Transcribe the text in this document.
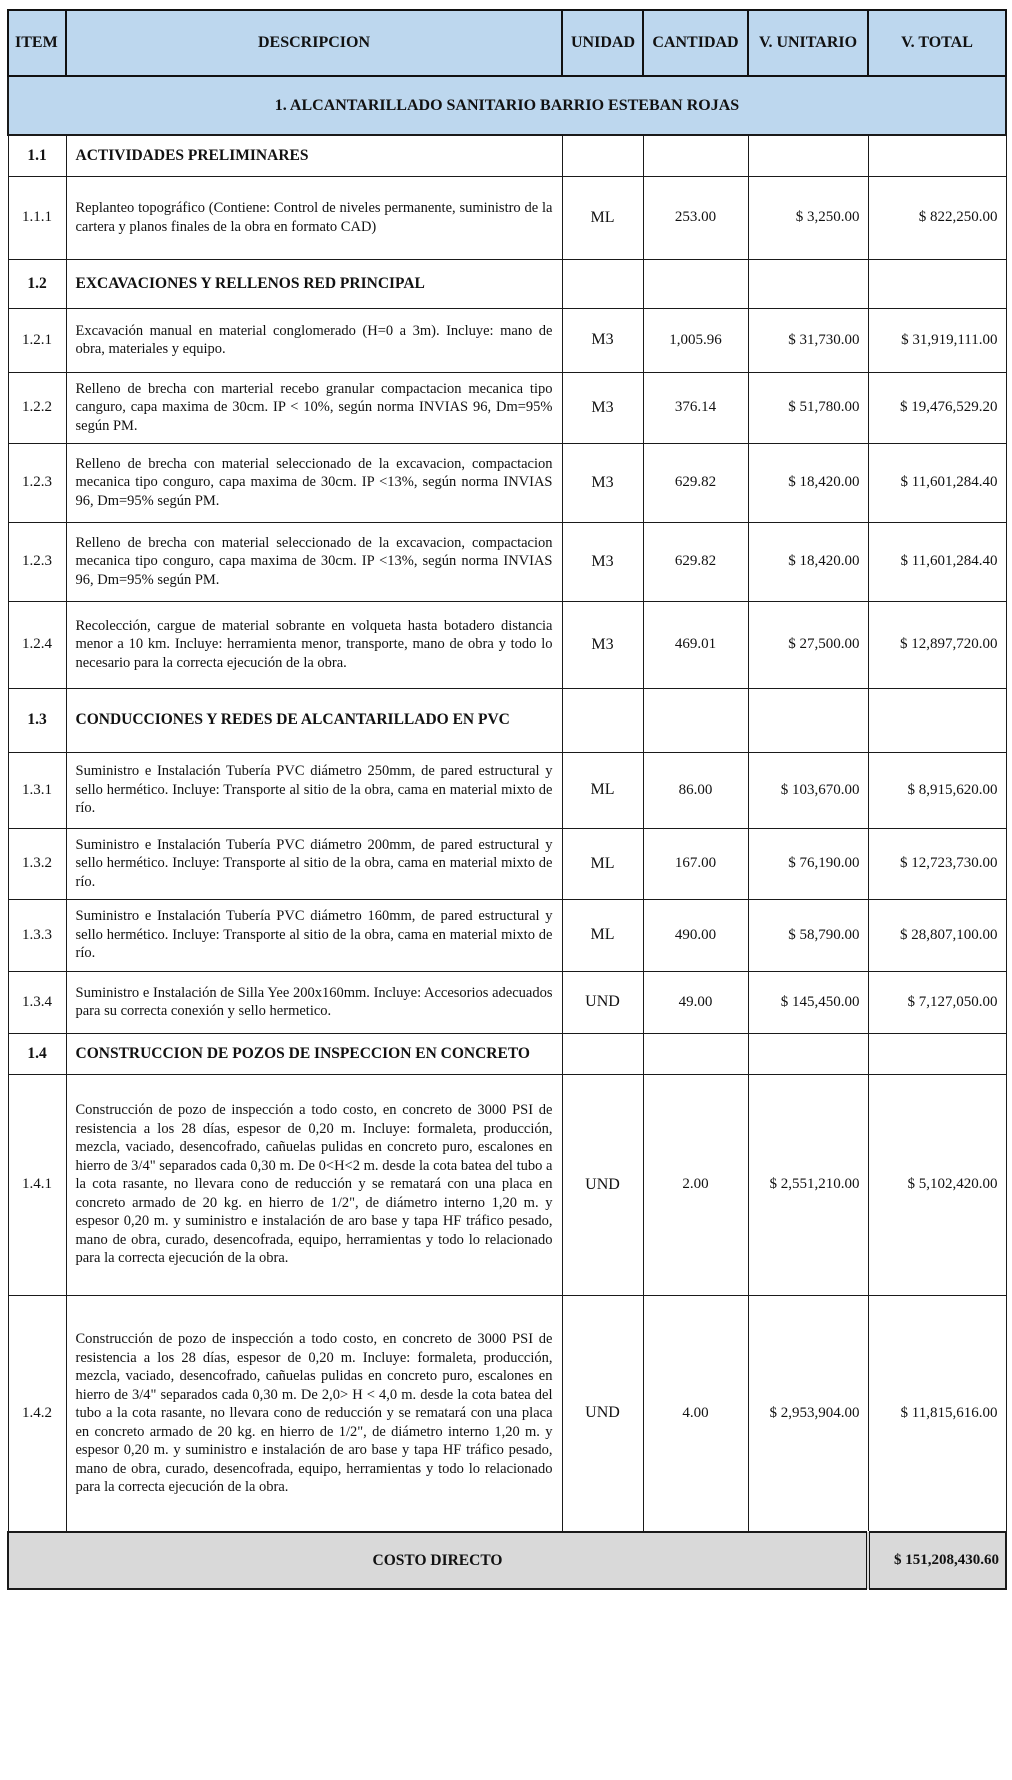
ITEM	DESCRIPCION	UNIDAD	CANTIDAD	V. UNITARIO	V. TOTAL
1. ALCANTARILLADO SANITARIO BARRIO ESTEBAN ROJAS					
1.1	ACTIVIDADES PRELIMINARES				
1.1.1	Replanteo topográfico (Contiene: Control de niveles permanente, suministro de la cartera y planos finales de la obra en formato CAD)	ML	253.00	$ 3,250.00	$ 822,250.00
1.2	EXCAVACIONES Y RELLENOS RED PRINCIPAL				
1.2.1	Excavación manual en material conglomerado (H=0 a 3m). Incluye: mano de obra, materiales y equipo.	M3	1,005.96	$ 31,730.00	$ 31,919,111.00
1.2.2	Relleno de brecha con marterial recebo granular compactacion mecanica tipo canguro, capa maxima de 30cm. IP < 10%, según norma INVIAS 96, Dm=95% según PM.	M3	376.14	$ 51,780.00	$ 19,476,529.20
1.2.3	Relleno de brecha con material seleccionado de la excavacion, compactacion mecanica tipo conguro, capa maxima de 30cm. IP <13%, según norma INVIAS 96, Dm=95% según PM.	M3	629.82	$ 18,420.00	$ 11,601,284.40
1.2.3	Relleno de brecha con material seleccionado de la excavacion, compactacion mecanica tipo conguro, capa maxima de 30cm. IP <13%, según norma INVIAS 96, Dm=95% según PM.	M3	629.82	$ 18,420.00	$ 11,601,284.40
1.2.4	Recolección, cargue de material sobrante en volqueta hasta botadero distancia menor a 10 km. Incluye: herramienta menor, transporte, mano de obra y todo lo necesario para la correcta ejecución de la obra.	M3	469.01	$ 27,500.00	$ 12,897,720.00
1.3	CONDUCCIONES Y REDES DE ALCANTARILLADO EN PVC				
1.3.1	Suministro e Instalación Tubería PVC diámetro 250mm, de pared estructural y sello hermético. Incluye: Transporte al sitio de la obra, cama en material mixto de río.	ML	86.00	$ 103,670.00	$ 8,915,620.00
1.3.2	Suministro e Instalación Tubería PVC diámetro 200mm, de pared estructural y sello hermético. Incluye: Transporte al sitio de la obra, cama en material mixto de río.	ML	167.00	$ 76,190.00	$ 12,723,730.00
1.3.3	Suministro e Instalación Tubería PVC diámetro 160mm, de pared estructural y sello hermético. Incluye: Transporte al sitio de la obra, cama en material mixto de río.	ML	490.00	$ 58,790.00	$ 28,807,100.00
1.3.4	Suministro e Instalación de Silla Yee 200x160mm. Incluye: Accesorios adecuados para su correcta conexión y sello hermetico.	UND	49.00	$ 145,450.00	$ 7,127,050.00
1.4	CONSTRUCCION DE POZOS DE INSPECCION EN CONCRETO				
1.4.1	Construcción de pozo de inspección a todo costo, en concreto de 3000 PSI de resistencia a los 28 días, espesor de 0,20 m. Incluye: formaleta, producción, mezcla, vaciado, desencofrado, cañuelas pulidas en concreto puro, escalones en hierro de 3/4" separados cada 0,30 m. De 0<H<2 m. desde la cota batea del tubo a la cota rasante, no llevara cono de reducción y se rematará con una placa en concreto armado de 20 kg. en hierro de 1/2", de diámetro interno 1,20 m. y espesor 0,20 m. y suministro e instalación de aro base y tapa HF tráfico pesado, mano de obra, curado, desencofrada, equipo, herramientas y todo lo relacionado para la correcta ejecución de la obra.	UND	2.00	$ 2,551,210.00	$ 5,102,420.00
1.4.2	Construcción de pozo de inspección a todo costo, en concreto de 3000 PSI de resistencia a los 28 días, espesor de 0,20 m. Incluye: formaleta, producción, mezcla, vaciado, desencofrado, cañuelas pulidas en concreto puro, escalones en hierro de 3/4" separados cada 0,30 m. De 2,0> H < 4,0 m. desde la cota batea del tubo a la cota rasante, no llevara cono de reducción y se rematará con una placa en concreto armado de 20 kg. en hierro de 1/2", de diámetro interno 1,20 m. y espesor 0,20 m. y suministro e instalación de aro base y tapa HF tráfico pesado, mano de obra, curado, desencofrada, equipo, herramientas y todo lo relacionado para la correcta ejecución de la obra.	UND	4.00	$ 2,953,904.00	$ 11,815,616.00
COSTO DIRECTO					$ 151,208,430.60
